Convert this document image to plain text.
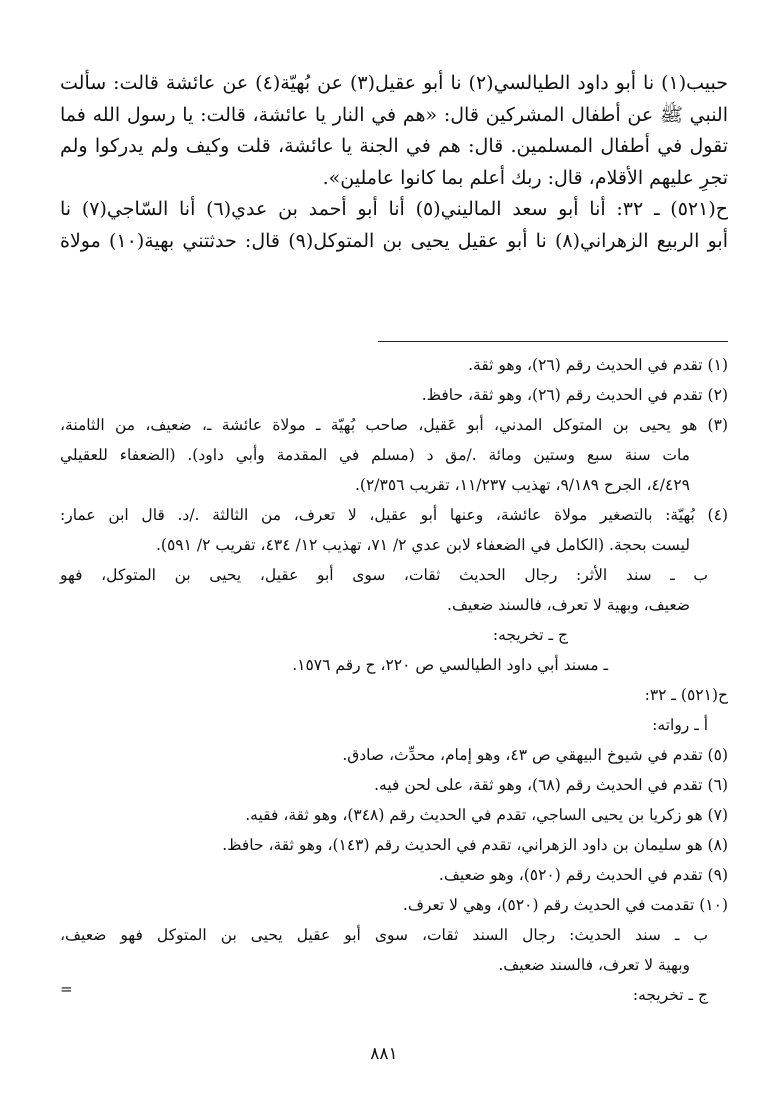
حبيب(١) نا أبو داود الطيالسي(٢) نا أبو عقيل(٣) عن بُهيّة(٤) عن عائشة قالت: سألت
النبي ﷺ عن أطفال المشركين قال: «هم في النار يا عائشة، قالت: يا رسول الله فما
تقول في أطفال المسلمين. قال: هم في الجنة يا عائشة، قلت وكيف ولم يدركوا ولم
تجرِ عليهم الأقلام، قال: ربك أعلم بما كانوا عاملين».
ح(٥٢١) ـ ٣٢: أنا أبو سعد الماليني(٥) أنا أبو أحمد بن عدي(٦) أنا السّاجي(٧) نا
أبو الربيع الزهراني(٨) نا أبو عقيل يحيى بن المتوكل(٩) قال: حدثتني بهية(١٠) مولاة
(١) تقدم في الحديث رقم (٢٦)، وهو ثقة.
(٢) تقدم في الحديث رقم (٢٦)، وهو ثقة، حافظ.
(٣) هو يحيى بن المتوكل المدني، أبو عَقيل، صاحب بُهيّة ـ مولاة عائشة ـ، ضعيف، من الثامنة،
مات سنة سبع وستين ومائة ./مق د (مسلم في المقدمة وأبي داود). (الضعفاء للعقيلي
٤/٤٢٩، الجرح ٩/١٨٩، تهذيب ١١/٢٣٧، تقريب ٢/٣٥٦).
(٤) بُهيّة: بالتصغير مولاة عائشة، وعنها أبو عقيل، لا تعرف، من الثالثة ./د. قال ابن عمار:
ليست بحجة. (الكامل في الضعفاء لابن عدي ٢/ ٧١، تهذيب ١٢/ ٤٣٤، تقريب ٢/ ٥٩١).
ب ـ سند الأثر: رجال الحديث ثقات، سوى أبو عقيل، يحيى بن المتوكل، فهو
ضعيف، وبهية لا تعرف، فالسند ضعيف.
ج ـ تخريجه:
ـ مسند أبي داود الطيالسي ص ٢٢٠، ح رقم ١٥٧٦.
ح(٥٢١) ـ ٣٢:
أ ـ رواته:
(٥) تقدم في شيوخ البيهقي ص ٤٣، وهو إمام، محدِّث، صادق.
(٦) تقدم في الحديث رقم (٦٨)، وهو ثقة، على لحن فيه.
(٧) هو زكريا بن يحيى الساجي، تقدم في الحديث رقم (٣٤٨)، وهو ثقة، فقيه.
(٨) هو سليمان بن داود الزهراني، تقدم في الحديث رقم (١٤٣)، وهو ثقة، حافظ.
(٩) تقدم في الحديث رقم (٥٢٠)، وهو ضعيف.
(١٠) تقدمت في الحديث رقم (٥٢٠)، وهي لا تعرف.
ب ـ سند الحديث: رجال السند ثقات، سوى أبو عقيل يحيى بن المتوكل فهو ضعيف،
وبهية لا تعرف، فالسند ضعيف.
ج ـ تخريجه:
=
٨٨١
